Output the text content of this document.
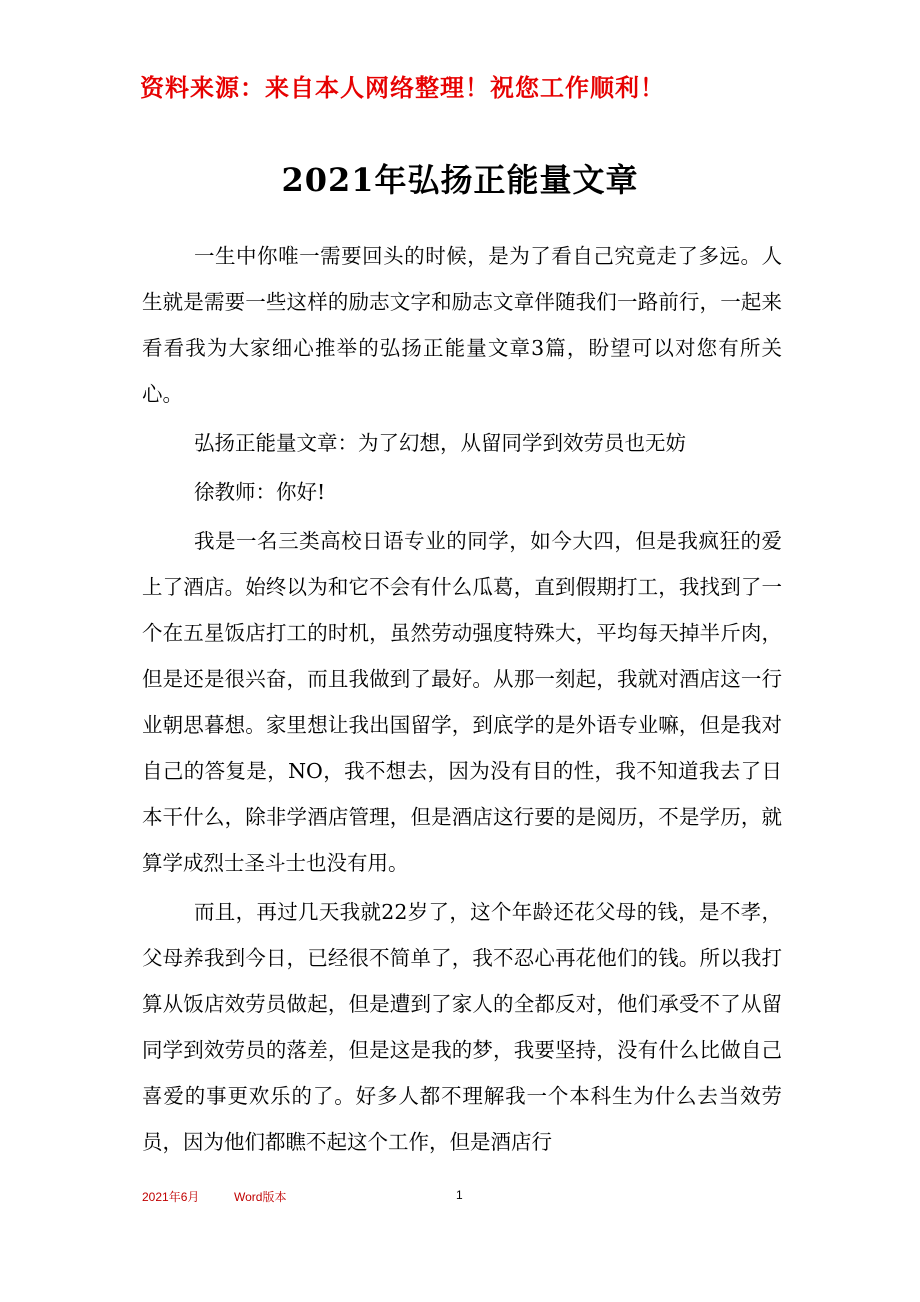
资料来源：来自本人网络整理！祝您工作顺利！
2021年弘扬正能量文章

一生中你唯一需要回头的时候，是为了看自己究竟走了多远。人生就是需要一些这样的励志文字和励志文章伴随我们一路前行，一起来看看我为大家细心推举的弘扬正能量文章3篇，盼望可以对您有所关心。

弘扬正能量文章：为了幻想，从留同学到效劳员也无妨

徐教师：你好!

我是一名三类高校日语专业的同学，如今大四，但是我疯狂的爱上了酒店。始终以为和它不会有什么瓜葛，直到假期打工，我找到了一个在五星饭店打工的时机，虽然劳动强度特殊大，平均每天掉半斤肉，但是还是很兴奋，而且我做到了最好。从那一刻起，我就对酒店这一行业朝思暮想。家里想让我出国留学，到底学的是外语专业嘛，但是我对自己的答复是，NO，我不想去，因为没有目的性，我不知道我去了日本干什么，除非学酒店管理，但是酒店这行要的是阅历，不是学历，就算学成烈士圣斗士也没有用。

而且，再过几天我就22岁了，这个年龄还花父母的钱，是不孝，父母养我到今日，已经很不简单了，我不忍心再花他们的钱。所以我打算从饭店效劳员做起，但是遭到了家人的全都反对，他们承受不了从留同学到效劳员的落差，但是这是我的梦，我要坚持，没有什么比做自己喜爱的事更欢乐的了。好多人都不理解我一个本科生为什么去当效劳员，因为他们都瞧不起这个工作，但是酒店行

2021年6月	Word版本	1
